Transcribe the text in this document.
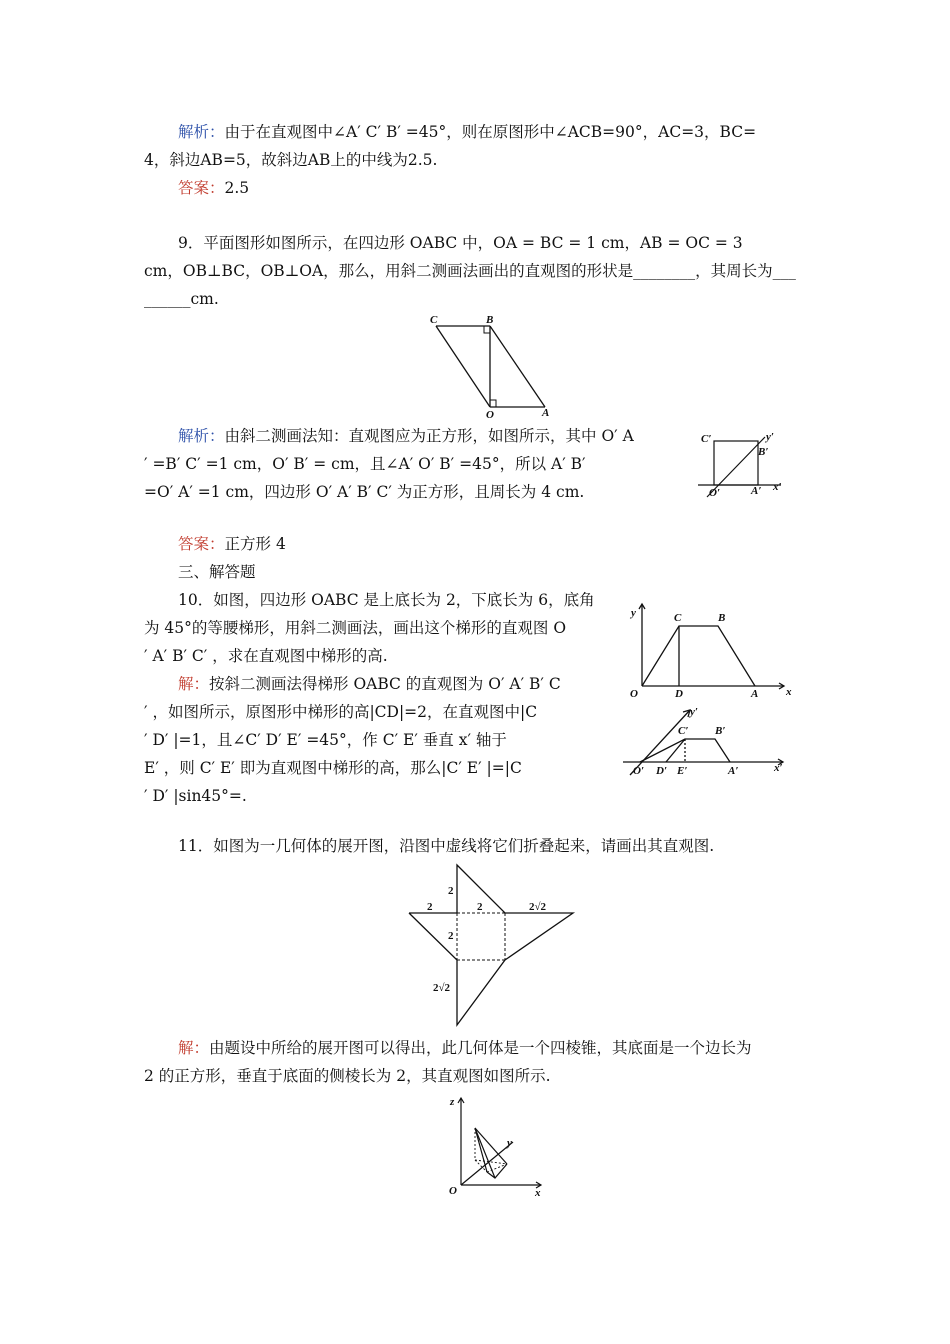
解析：由于在直观图中∠A′ C′ B′ =45°，则在原图形中∠ACB=90°，AC=3，BC=
4，斜边AB=5，故斜边AB上的中线为2.5.
答案：2.5
9．平面图形如图所示，在四边形 OABC 中，OA = BC = 1 cm，AB = OC = 3
cm，OB⊥BC，OB⊥OA，那么，用斜二测画法画出的直观图的形状是________，其周长为___
______cm.
C	B
O	A
解析：由斜二测画法知：直观图应为正方形，如图所示，其中 O′ A
′ =B′ C′ =1 cm，O′ B′ = cm，且∠A′ O′ B′ =45°，所以 A′ B′
=O′ A′ =1 cm，四边形 O′ A′ B′ C′ 为正方形，且周长为 4 cm.
C′	y′
B′
O′	A′ x′
答案：正方形 4
三、解答题
10．如图，四边形 OABC 是上底长为 2，下底长为 6，底角
为 45°的等腰梯形，用斜二测画法，画出这个梯形的直观图 O
′ A′ B′ C′ ，求在直观图中梯形的高.
解：按斜二测画法得梯形 OABC 的直观图为 O′ A′ B′ C
′ ，如图所示，原图形中梯形的高|CD|=2，在直观图中|C
′ D′ |=1，且∠C′ D′ E′ =45°，作 C′ E′ 垂直 x′ 轴于
E′ ，则 C′ E′ 即为直观图中梯形的高，那么|C′ E′ |=|C
′ D′ |sin45°=.
y	C	B
O	D	A	x
y′
C′ B′
O′ D′ E′	A′	x′
11．如图为一几何体的展开图，沿图中虚线将它们折叠起来，请画出其直观图.
2
2
2
2
2√2
2√2
解：由题设中所给的展开图可以得出，此几何体是一个四棱锥，其底面是一个边长为
2 的正方形，垂直于底面的侧棱长为 2，其直观图如图所示.
z
y
O	x
